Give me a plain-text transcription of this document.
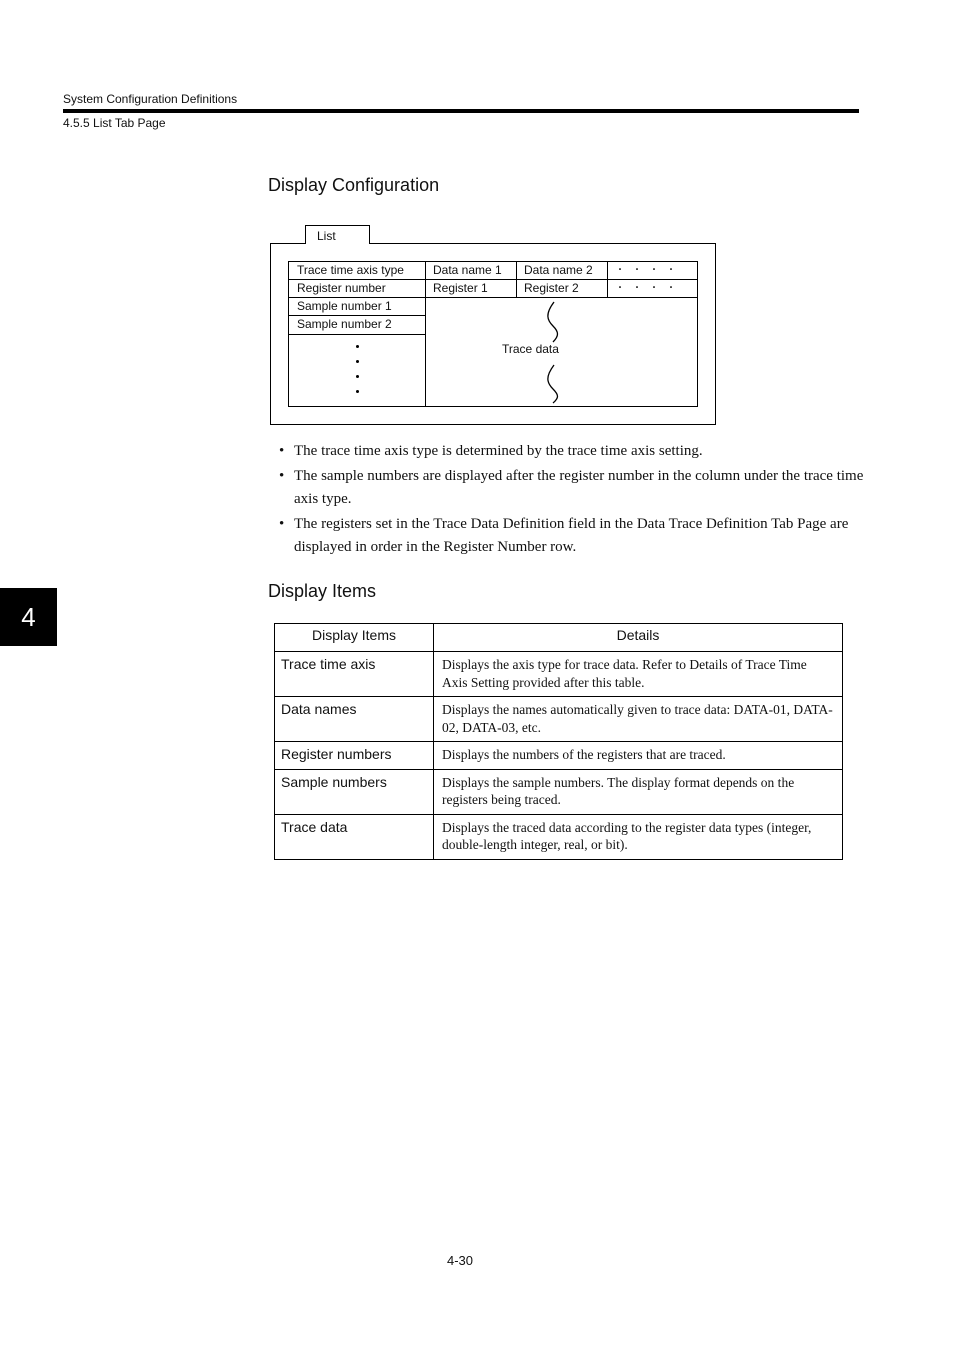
System Configuration Definitions
4.5.5 List Tab Page
4
Display Configuration
List
Trace time axis type	Data name 1	Data name 2	・・・・
Register number	Register 1	Register 2	・・・・
Sample number 1
Sample number 2
Trace data
• The trace time axis type is determined by the trace time axis setting.
• The sample numbers are displayed after the register number in the column under the trace time axis type.
• The registers set in the Trace Data Definition field in the Data Trace Definition Tab Page are displayed in order in the Register Number row.
Display Items
Display Items	Details
Trace time axis	Displays the axis type for trace data. Refer to Details of Trace Time Axis Setting provided after this table.
Data names	Displays the names automatically given to trace data: DATA-01, DATA-02, DATA-03, etc.
Register numbers	Displays the numbers of the registers that are traced.
Sample numbers	Displays the sample numbers. The display format depends on the registers being traced.
Trace data	Displays the traced data according to the register data types (integer, double-length integer, real, or bit).
4-30
